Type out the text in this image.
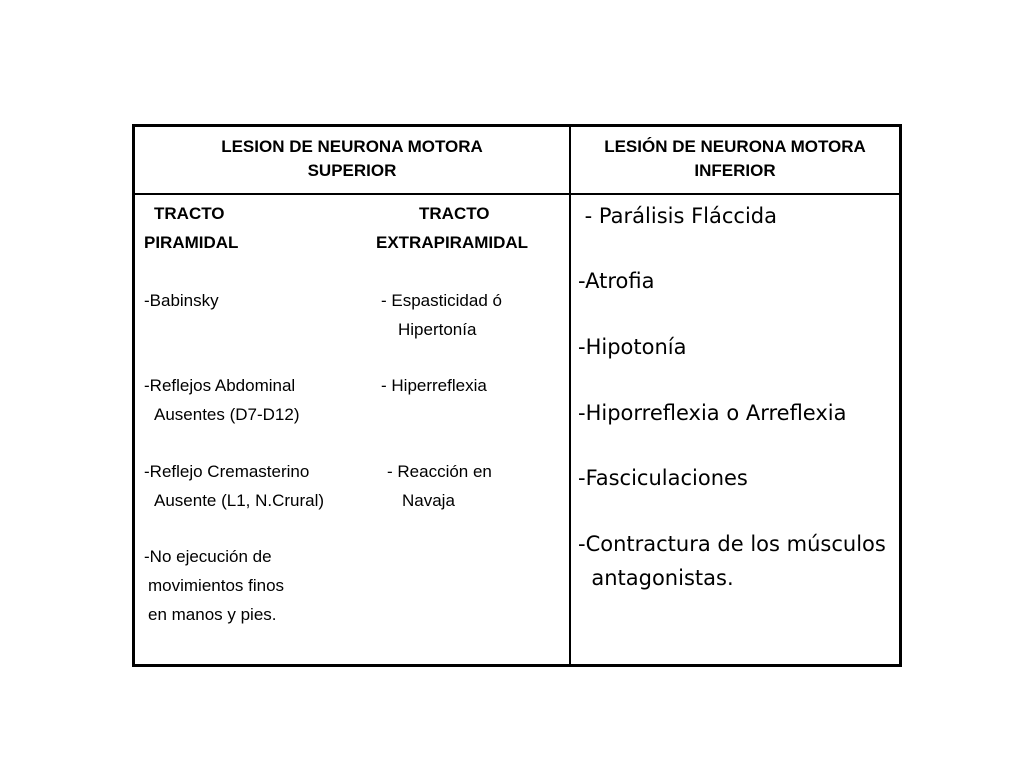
LESION DE NEURONA MOTORA
SUPERIOR
LESIÓN DE NEURONA MOTORA
INFERIOR
TRACTO
PIRAMIDAL
TRACTO
EXTRAPIRAMIDAL
-Babinsky
-Reflejos Abdominal
Ausentes (D7-D12)
-Reflejo Cremasterino
Ausente (L1, N.Crural)
-No ejecución de
movimientos finos
en manos y pies.
- Espasticidad ó
Hipertonía
- Hiperreflexia
- Reacción en
Navaja
- Parálisis Fláccida
-Atrofia
-Hipotonía
-Hiporreflexia o Arreflexia
-Fasciculaciones
-Contractura de los músculos
antagonistas.
